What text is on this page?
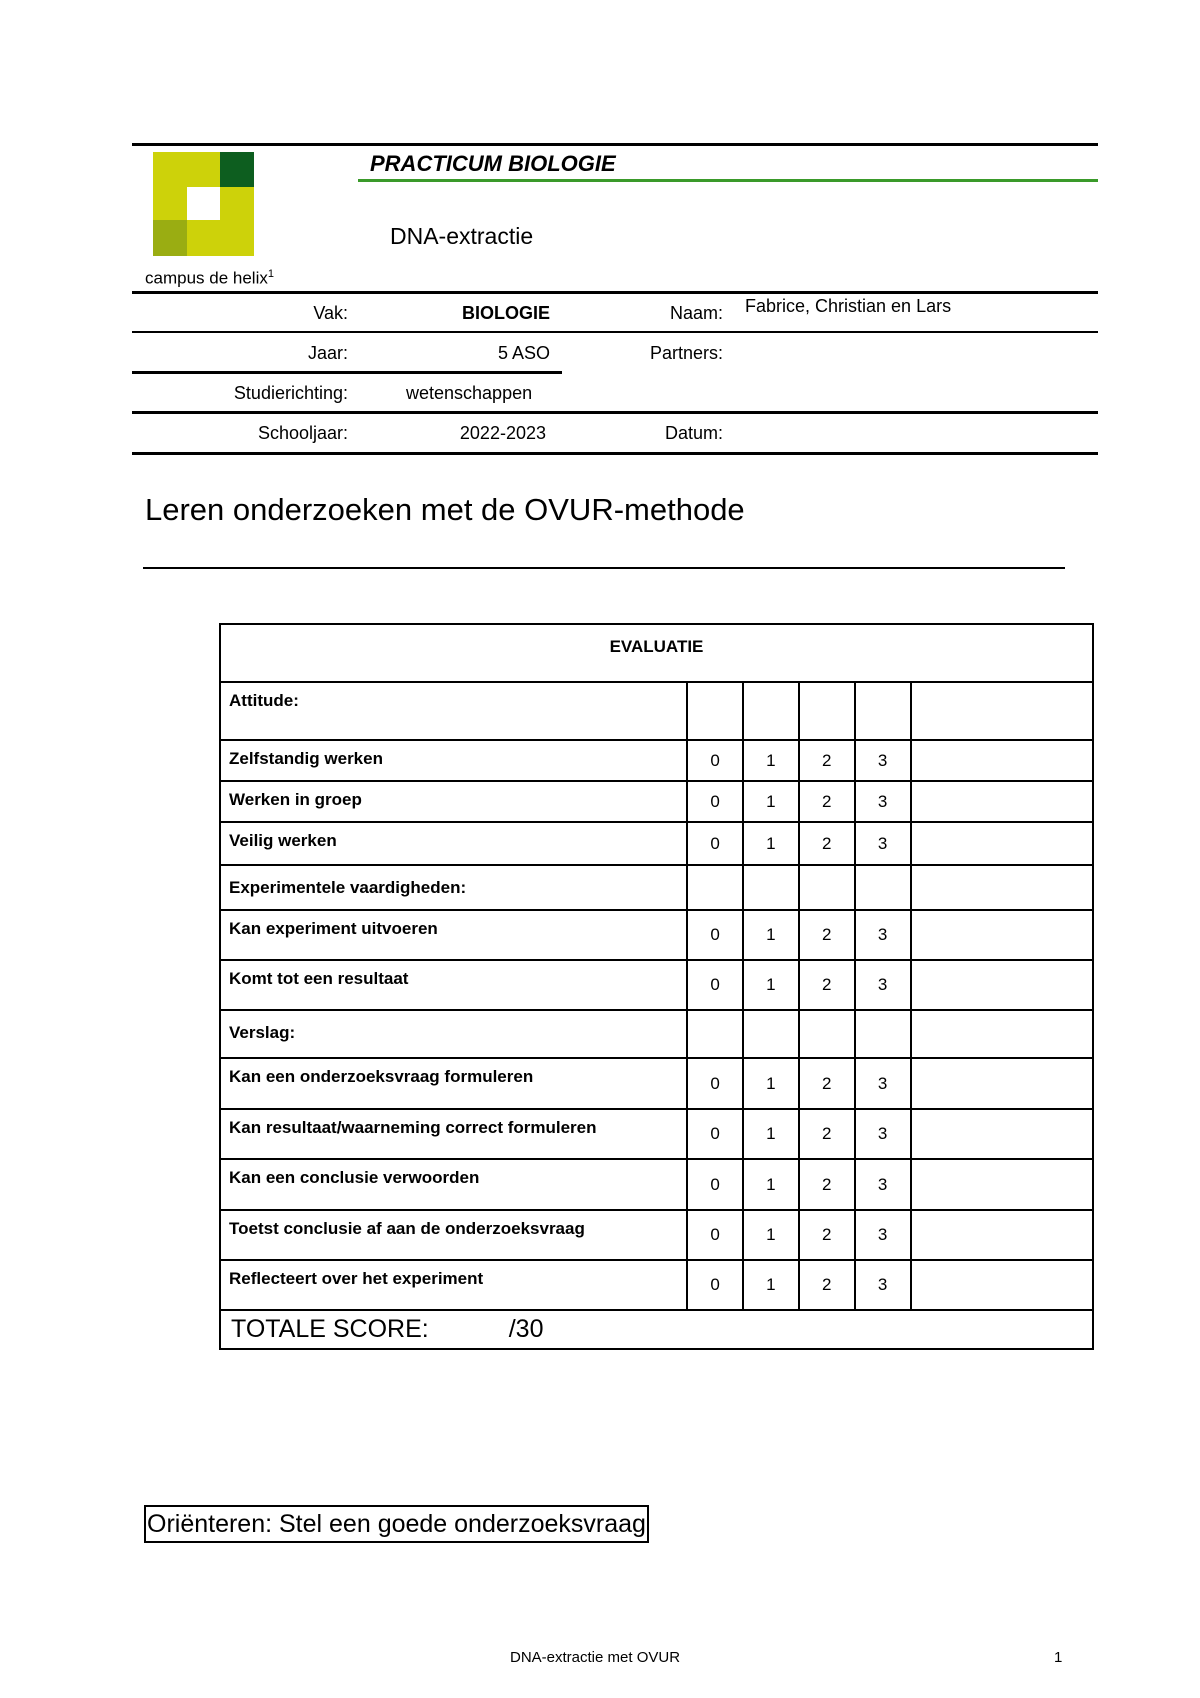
campus de helix$^1$
PRACTICUM BIOLOGIE
DNA-extractie
Vak:	BIOLOGIE	Naam: Fabrice, Christian en Lars
Jaar:	5 ASO	Partners:
Studierichting:	wetenschappen
Schooljaar:	2022-2023	Datum:
Leren onderzoeken met de OVUR-methode
EVALUATIE					
Attitude:					
Zelfstandig werken	0	1	2	3	
Werken in groep	0	1	2	3	
Veilig werken	0	1	2	3	
Experimentele vaardigheden:					
Kan experiment uitvoeren	0	1	2	3	
Komt tot een resultaat	0	1	2	3	
Verslag:					
Kan een onderzoeksvraag formuleren	0	1	2	3	
Kan resultaat/waarneming correct formuleren	0	1	2	3	
Kan een conclusie verwoorden	0	1	2	3	
Toetst conclusie af aan de onderzoeksvraag	0	1	2	3	
Reflecteert over het experiment	0	1	2	3	
TOTALE SCORE: /30					
Oriënteren: Stel een goede onderzoeksvraag
DNA-extractie met OVUR	1
